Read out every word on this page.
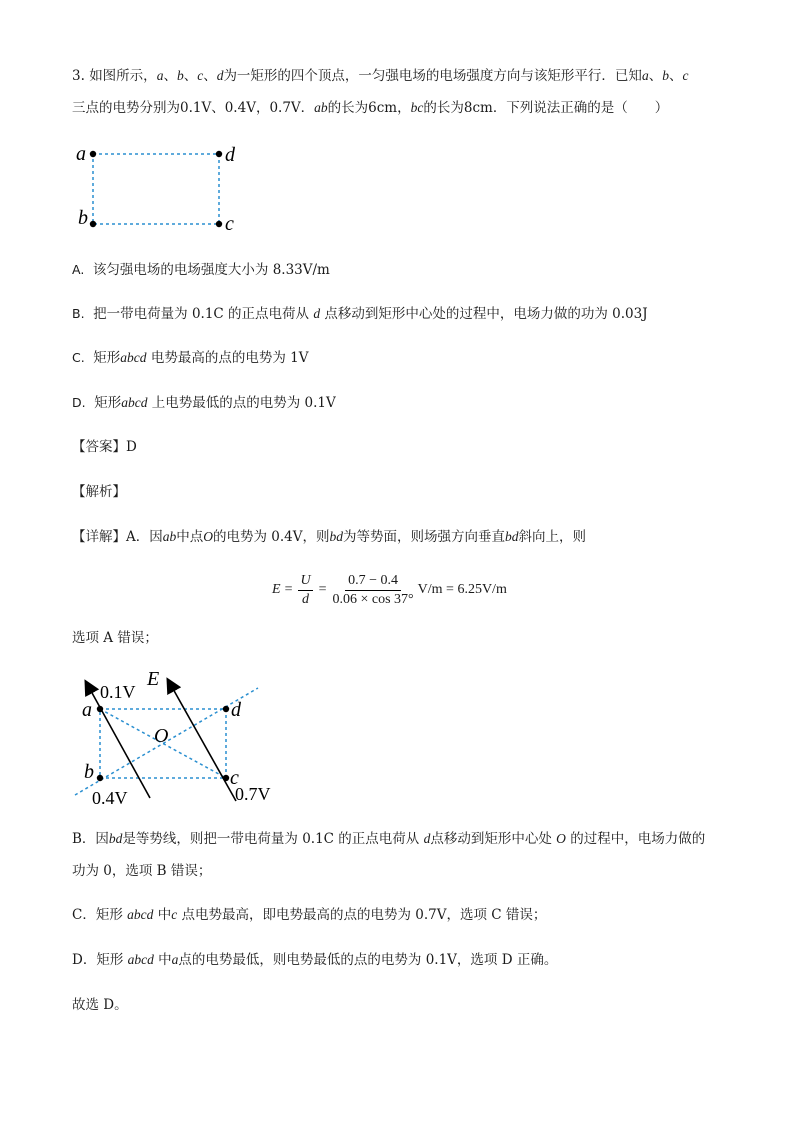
3. 如图所示，a、b、c、d为一矩形的四个顶点，一匀强电场的电场强度方向与该矩形平行．已知a、b、c
三点的电势分别为0.1V、0.4V，0.7V．ab的长为6cm，bc的长为8cm．下列说法正确的是（　　）
a	d
b	c
A. 该匀强电场的电场强度大小为 8.33V/m
B. 把一带电荷量为 0.1C 的正点电荷从 d 点移动到矩形中心处的过程中，电场力做的功为 0.03J
C. 矩形abcd 电势最高的点的电势为 1V
D. 矩形abcd 上电势最低的点的电势为 0.1V
【答案】D
【解析】
【详解】A．因ab中点O的电势为 0.4V，则bd为等势面，则场强方向垂直bd斜向上，则
$E = \frac{U}{d} = \frac{0.7 - 0.4}{0.06 \times \cos 37^\circ} V/m = 6.25V/m$
选项 A 错误；
E
0.1V
a	d
O
b
0.4V
c
0.7V
B．因bd是等势线，则把一带电荷量为 0.1C 的正点电荷从 d点移动到矩形中心处 O 的过程中，电场力做的
功为 0，选项 B 错误；
C．矩形 abcd 中c 点电势最高，即电势最高的点的电势为 0.7V，选项 C 错误；
D．矩形 abcd 中a点的电势最低，则电势最低的点的电势为 0.1V，选项 D 正确。
故选 D。
